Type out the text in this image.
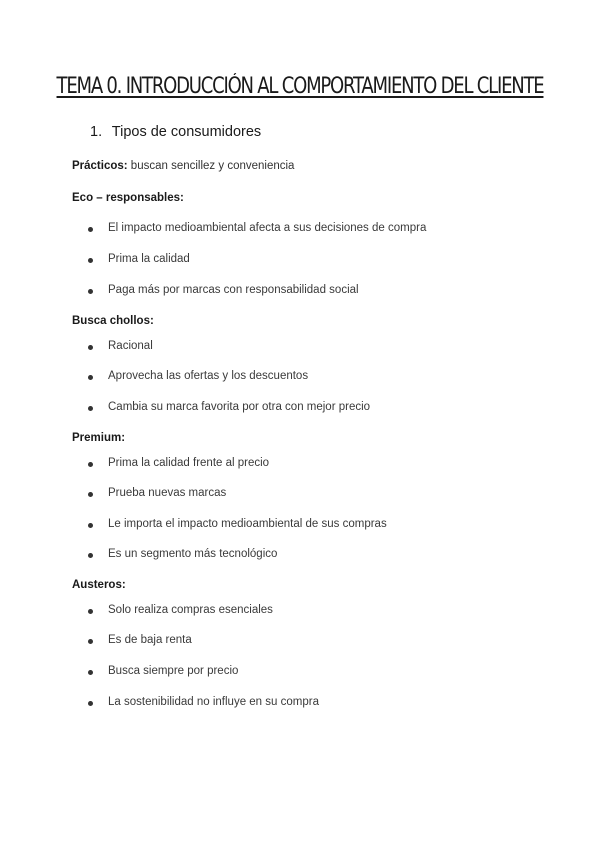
TEMA 0. INTRODUCCIÓN AL COMPORTAMIENTO DEL CLIENTE
1. Tipos de consumidores
Prácticos: buscan sencillez y conveniencia
Eco – responsables:
El impacto medioambiental afecta a sus decisiones de compra
Prima la calidad
Paga más por marcas con responsabilidad social
Busca chollos:
Racional
Aprovecha las ofertas y los descuentos
Cambia su marca favorita por otra con mejor precio
Premium:
Prima la calidad frente al precio
Prueba nuevas marcas
Le importa el impacto medioambiental de sus compras
Es un segmento más tecnológico
Austeros:
Solo realiza compras esenciales
Es de baja renta
Busca siempre por precio
La sostenibilidad no influye en su compra
